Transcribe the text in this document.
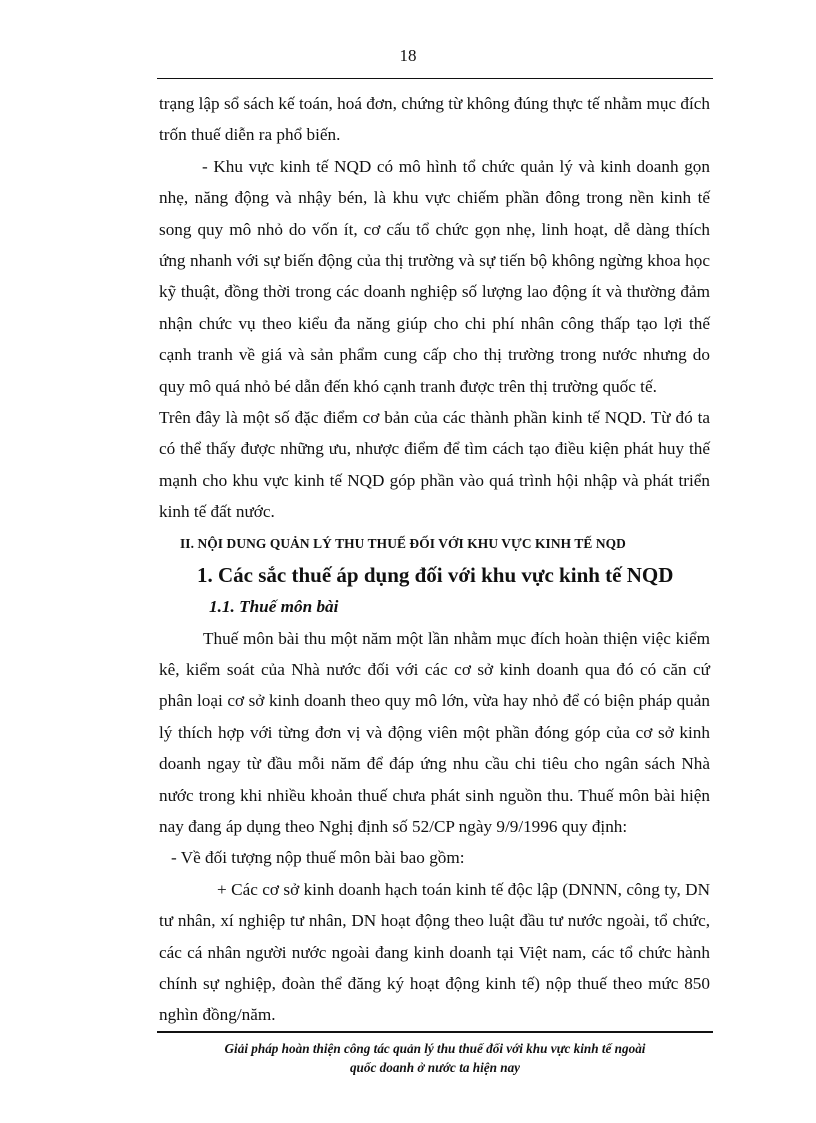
18

trạng lập sổ sách kế toán, hoá đơn, chứng từ không đúng thực tế nhằm mục đích trốn thuế diễn ra phổ biến.

- Khu vực kinh tế NQD có mô hình tổ chức quản lý và kinh doanh gọn nhẹ, năng động và nhậy bén, là khu vực chiếm phần đông trong nền kinh tế song quy mô nhỏ do vốn ít, cơ cấu tổ chức gọn nhẹ, linh hoạt, dễ dàng thích ứng nhanh với sự biến động của thị trường và sự tiến bộ không ngừng khoa học kỹ thuật, đồng thời trong các doanh nghiệp số lượng lao động ít và thường đảm nhận chức vụ theo kiểu đa năng giúp cho chi phí nhân công thấp tạo lợi thế cạnh tranh về giá và sản phẩm cung cấp cho thị trường trong nước nhưng do quy mô quá nhỏ bé dẫn đến khó cạnh tranh được trên thị trường quốc tế.

Trên đây là một số đặc điểm cơ bản của các thành phần kinh tế NQD. Từ đó ta có thể thấy được những ưu, nhược điểm để tìm cách tạo điều kiện phát huy thế mạnh cho khu vực kinh tế NQD góp phần vào quá trình hội nhập và phát triển kinh tế đất nước.

II. NỘI DUNG QUẢN LÝ THU THUẾ ĐỐI VỚI KHU VỰC KINH TẾ NQD

1. Các sắc thuế áp dụng đối với khu vực kinh tế NQD

1.1. Thuế môn bài

Thuế môn bài thu một năm một lần nhằm mục đích hoàn thiện việc kiểm kê, kiểm soát của Nhà nước đối với các cơ sở kinh doanh qua đó có căn cứ phân loại cơ sở kinh doanh theo quy mô lớn, vừa hay nhỏ để có biện pháp quản lý thích hợp với từng đơn vị và động viên một phần đóng góp của cơ sở kinh doanh ngay từ đầu mỗi năm để đáp ứng nhu cầu chi tiêu cho ngân sách Nhà nước trong khi nhiều khoản thuế chưa phát sinh nguồn thu. Thuế môn bài hiện nay đang áp dụng theo Nghị định số 52/CP ngày 9/9/1996 quy định:

- Về đối tượng nộp thuế môn bài bao gồm:

+ Các cơ sở kinh doanh hạch toán kinh tế độc lập (DNNN, công ty, DN tư nhân, xí nghiệp tư nhân, DN hoạt động theo luật đầu tư nước ngoài, tổ chức, các cá nhân người nước ngoài đang kinh doanh tại Việt nam, các tổ chức hành chính sự nghiệp, đoàn thể đăng ký hoạt động kinh tế) nộp thuế theo mức 850 nghìn đồng/năm.

Giải pháp hoàn thiện công tác quản lý thu thuế đối với khu vực kinh tế ngoài
quốc doanh ở nước ta hiện nay
